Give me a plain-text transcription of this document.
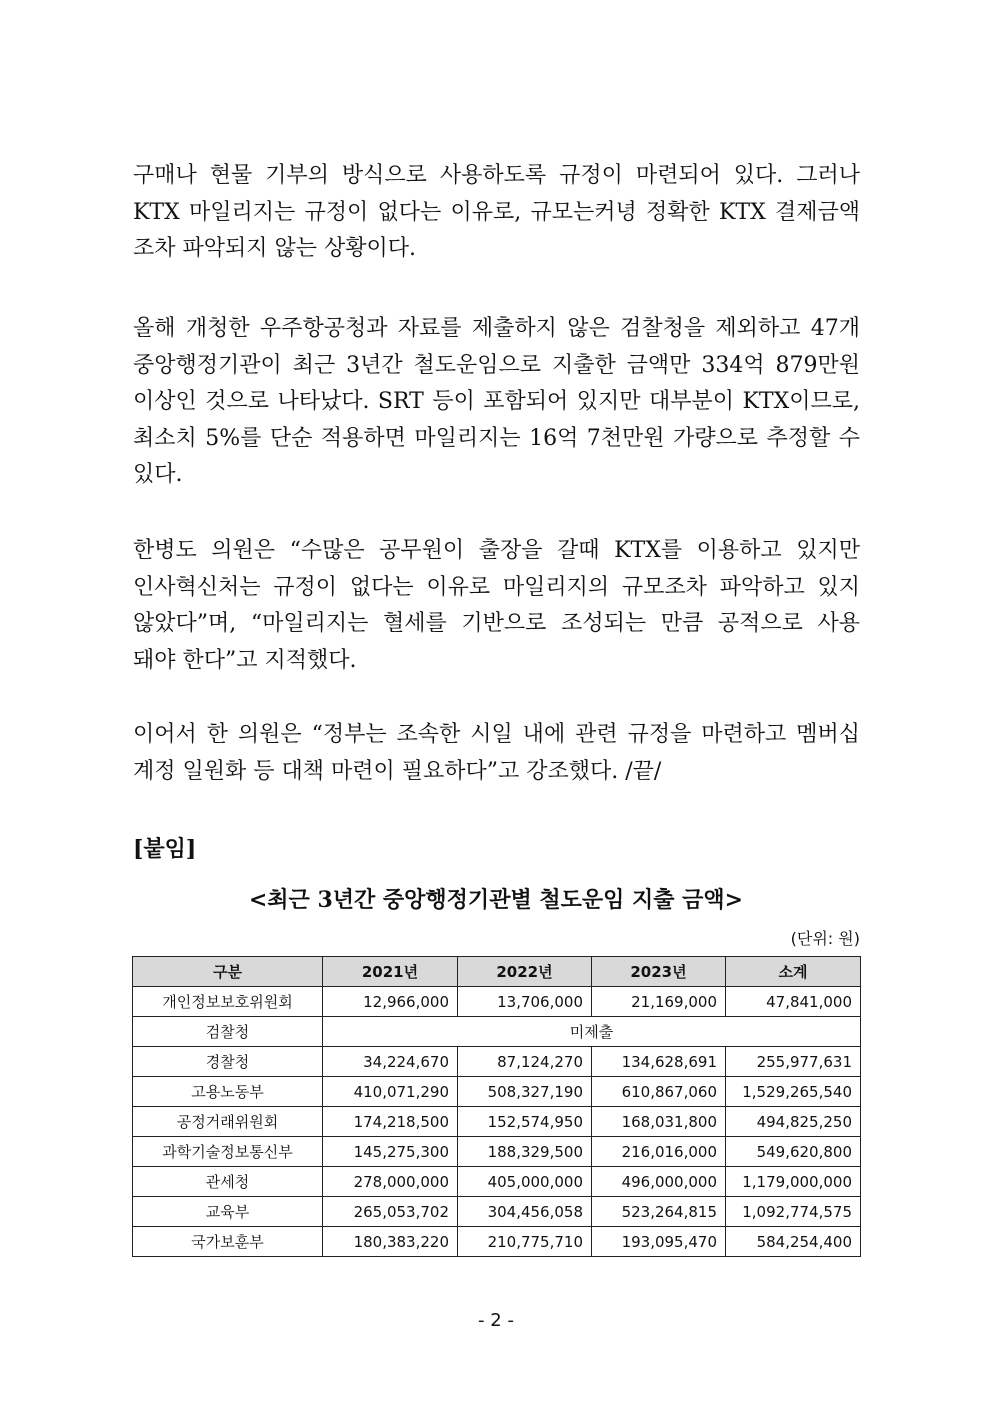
구매나 현물 기부의 방식으로 사용하도록 규정이 마련되어 있다. 그러나
KTX 마일리지는 규정이 없다는 이유로, 규모는커녕 정확한 KTX 결제금액
조차 파악되지 않는 상황이다.
올해 개청한 우주항공청과 자료를 제출하지 않은 검찰청을 제외하고 47개
중앙행정기관이 최근 3년간 철도운임으로 지출한 금액만 334억 879만원
이상인 것으로 나타났다. SRT 등이 포함되어 있지만 대부분이 KTX이므로,
최소치 5%를 단순 적용하면 마일리지는 16억 7천만원 가량으로 추정할 수
있다.
한병도 의원은 “수많은 공무원이 출장을 갈때 KTX를 이용하고 있지만
인사혁신처는 규정이 없다는 이유로 마일리지의 규모조차 파악하고 있지
않았다”며, “마일리지는 혈세를 기반으로 조성되는 만큼 공적으로 사용
돼야 한다”고 지적했다.
이어서 한 의원은 “정부는 조속한 시일 내에 관련 규정을 마련하고 멤버십
계정 일원화 등 대책 마련이 필요하다”고 강조했다. /끝/
[붙임]
<최근 3년간 중앙행정기관별 철도운임 지출 금액>
(단위: 원)
구분	2021년	2022년	2023년	소계
개인정보보호위원회	12,966,000	13,706,000	21,169,000	47,841,000
검찰청	미제출			
경찰청	34,224,670	87,124,270	134,628,691	255,977,631
고용노동부	410,071,290	508,327,190	610,867,060	1,529,265,540
공정거래위원회	174,218,500	152,574,950	168,031,800	494,825,250
과학기술정보통신부	145,275,300	188,329,500	216,016,000	549,620,800
관세청	278,000,000	405,000,000	496,000,000	1,179,000,000
교육부	265,053,702	304,456,058	523,264,815	1,092,774,575
국가보훈부	180,383,220	210,775,710	193,095,470	584,254,400
- 2 -
